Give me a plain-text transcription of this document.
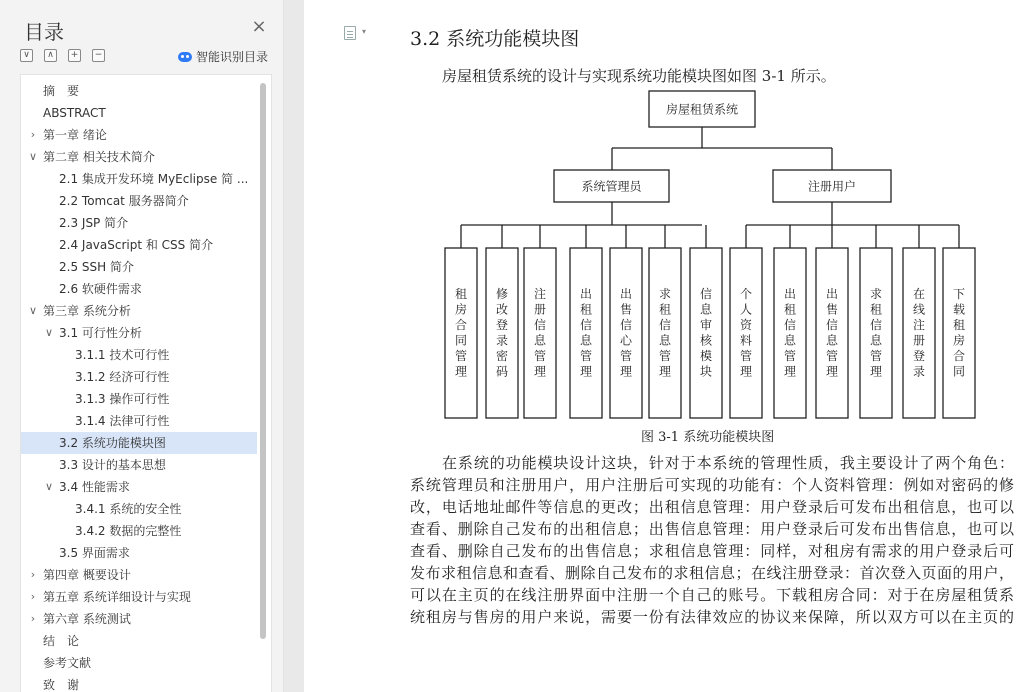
目录	×
∨	∧	+	−	智能识别目录
摘　要
ABSTRACT
› 第一章 绪论
∨ 第二章 相关技术简介
2.1 集成开发环境 MyEclipse 简 ...
2.2 Tomcat 服务器简介
2.3 JSP 简介
2.4 JavaScript 和 CSS 简介
2.5 SSH 简介
2.6 软硬件需求
∨ 第三章 系统分析
∨ 3.1 可行性分析
3.1.1 技术可行性
3.1.2 经济可行性
3.1.3 操作可行性
3.1.4 法律可行性
3.2 系统功能模块图
3.3 设计的基本思想
∨ 3.4 性能需求
3.4.1 系统的安全性
3.4.2 数据的完整性
3.5 界面需求
› 第四章 概要设计
› 第五章 系统详细设计与实现
› 第六章 系统测试
结　论
参考文献
致　谢
▾ 3.2 系统功能模块图
房屋租赁系统的设计与实现系统功能模块图如图 3-1 所示。
房屋租赁系统
系统管理员	注册用户
租房合同管理
修改登录密码
注册信息管理
出租信息管理
出售信心管理
求租信息管理
信息审核模块
个人资料管理
出租信息管理
出售信息管理
求租信息管理
在线注册登录
下载租房合同
图 3-1 系统功能模块图
在系统的功能模块设计这块，针对于本系统的管理性质，我主要设计了两个角色：
系统管理员和注册用户，用户注册后可实现的功能有：个人资料管理：例如对密码的修
改，电话地址邮件等信息的更改；出租信息管理：用户登录后可发布出租信息，也可以
查看、删除自己发布的出租信息；出售信息管理：用户登录后可发布出售信息，也可以
查看、删除自己发布的出售信息；求租信息管理：同样，对租房有需求的用户登录后可
发布求租信息和查看、删除自己发布的求租信息；在线注册登录：首次登入页面的用户，
可以在主页的在线注册界面中注册一个自己的账号。下载租房合同：对于在房屋租赁系
统租房与售房的用户来说，需要一份有法律效应的协议来保障，所以双方可以在主页的
